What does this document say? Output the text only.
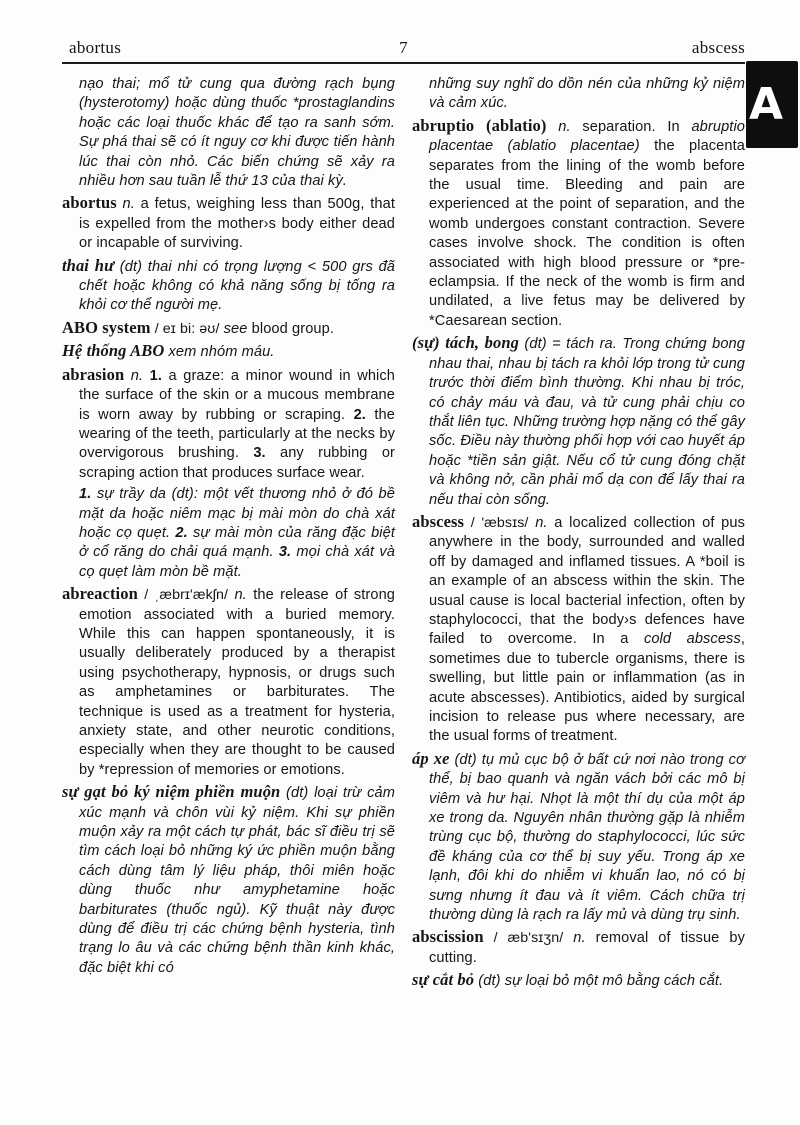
abortus	7	abscess
A

nạo thai; mổ tử cung qua đường rạch bụng (hysterotomy) hoặc dùng thuốc *prostaglandins hoặc các loại thuốc khác để tạo ra sanh sớm. Sự phá thai sẽ có ít nguy cơ khi được tiến hành lúc thai còn nhỏ. Các biến chứng sẽ xảy ra nhiều hơn sau tuần lễ thứ 13 của thai kỳ.

abortus n. a fetus, weighing less than 500g, that is expelled from the mother›s body either dead or incapable of surviving.

thai hư (dt) thai nhi có trọng lượng < 500 grs đã chết hoặc không có khả năng sống bị tống ra khỏi cơ thể người mẹ.

ABO system / eɪ bi: əʊ/ see blood group.

Hệ thống ABO xem nhóm máu.

abrasion n. 1. a graze: a minor wound in which the surface of the skin or a mucous membrane is worn away by rubbing or scraping. 2. the wearing of the teeth, particularly at the necks by overvigorous brushing. 3. any rubbing or scraping action that produces surface wear.

1. sự trầy da (dt): một vết thương nhỏ ở đó bề mặt da hoặc niêm mạc bị mài mòn do chà xát hoặc cọ quẹt. 2. sự mài mòn của răng đặc biệt ở cổ răng do chải quá mạnh. 3. mọi chà xát và cọ quẹt làm mòn bề mặt.

abreaction / ˌæbrɪ'ækʃn/ n. the release of strong emotion associated with a buried memory. While this can happen spontaneously, it is usually deliberately produced by a therapist using psychotherapy, hypnosis, or drugs such as amphetamines or barbiturates. The technique is used as a treatment for hysteria, anxiety state, and other neurotic conditions, especially when they are thought to be caused by *repression of memories or emotions.

sự gạt bỏ ký niệm phiền muộn (dt) loại trừ cảm xúc mạnh và chôn vùi kỷ niệm. Khi sự phiền muộn xảy ra một cách tự phát, bác sĩ điều trị sẽ tìm cách loại bỏ những ký ức phiền muộn bằng cách dùng tâm lý liệu pháp, thôi miên hoặc dùng thuốc như amyphetamine hoặc barbiturates (thuốc ngủ). Kỹ thuật này được dùng để điều trị các chứng bệnh hysteria, tình trạng lo âu và các chứng bệnh thần kinh khác, đặc biệt khi có

những suy nghĩ do dồn nén của những kỷ niệm và cảm xúc.

abruptio (ablatio) n. separation. In abruptio placentae (ablatio placentae) the placenta separates from the lining of the womb before the usual time. Bleeding and pain are experienced at the point of separation, and the womb undergoes constant contraction. Severe cases involve shock. The condition is often associated with high blood pressure or *pre-eclampsia. If the neck of the womb is firm and undilated, a live fetus may be delivered by *Caesarean section.

(sự) tách, bong (dt) = tách ra. Trong chứng bong nhau thai, nhau bị tách ra khỏi lớp trong tử cung trước thời điểm bình thường. Khi nhau bị tróc, có chảy máu và đau, và tử cung phải chịu co thắt liên tục. Những trường hợp nặng có thể gây sốc. Điều này thường phối hợp với cao huyết áp hoặc *tiền sản giật. Nếu cổ tử cung đóng chặt và không nở, cần phải mổ dạ con để lấy thai ra nếu thai còn sống.

abscess / 'æbsɪs/ n. a localized collection of pus anywhere in the body, surrounded and walled off by damaged and inflamed tissues. A *boil is an example of an abscess within the skin. The usual cause is local bacterial infection, often by staphylococci, that the body›s defences have failed to overcome. In a cold abscess, sometimes due to tubercle organisms, there is swelling, but little pain or inflammation (as in acute abscesses). Antibiotics, aided by surgical incision to release pus where necessary, are the usual forms of treatment.

áp xe (dt) tụ mủ cục bộ ở bất cứ nơi nào trong cơ thể, bị bao quanh và ngăn vách bởi các mô bị viêm và hư hại. Nhọt là một thí dụ của một áp xe trong da. Nguyên nhân thường gặp là nhiễm trùng cục bộ, thường do staphylococci, lúc sức đề kháng của cơ thể bị suy yếu. Trong áp xe lạnh, đôi khi do nhiễm vi khuẩn lao, nó có bị sưng nhưng ít đau và ít viêm. Cách chữa trị thường dùng là rạch ra lấy mủ và dùng trụ sinh.

abscission / æb'sɪʒn/ n. removal of tissue by cutting.

sự cắt bỏ (dt) sự loại bỏ một mô bằng cách cắt.
